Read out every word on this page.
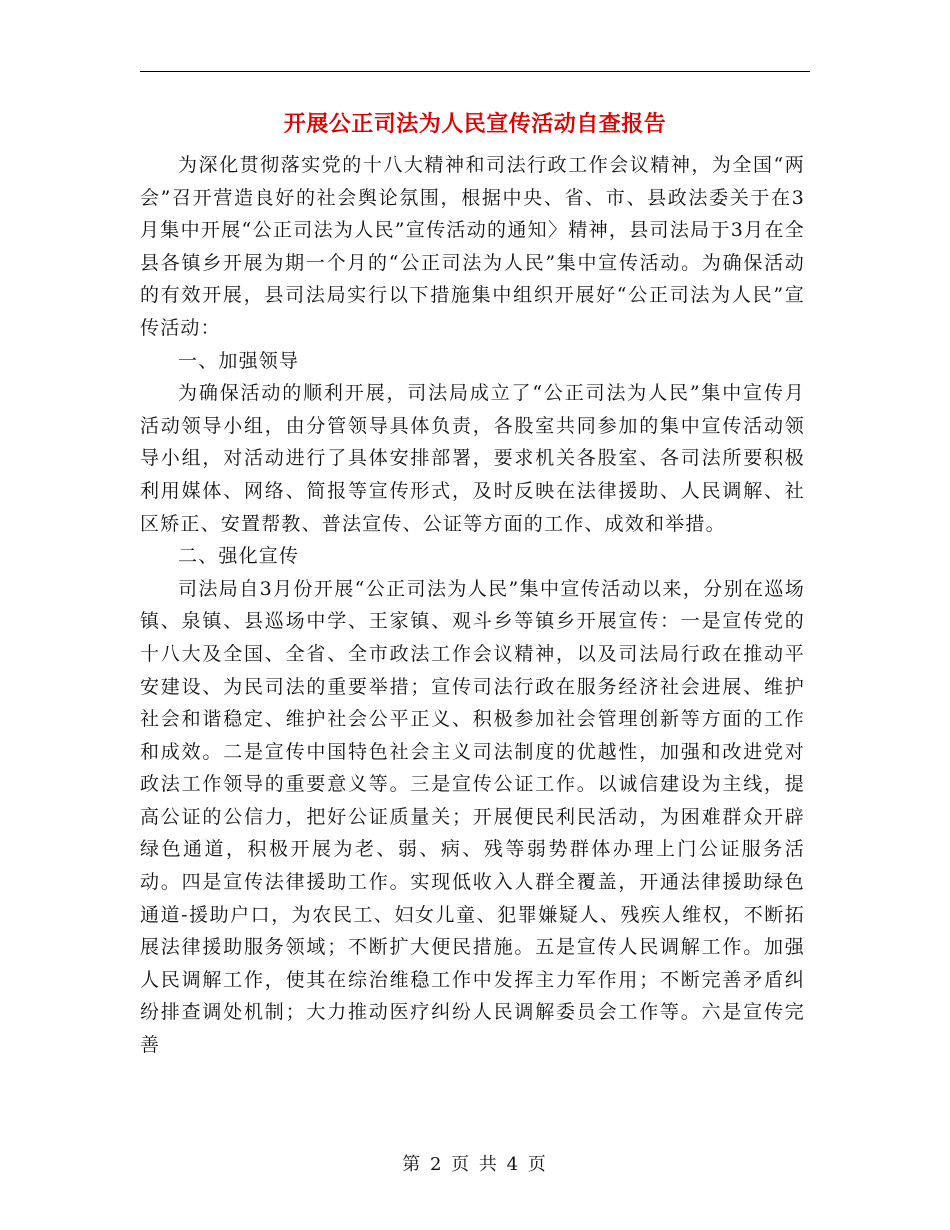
开展公正司法为人民宣传活动自查报告

为深化贯彻落实党的十八大精神和司法行政工作会议精神，为全国“两会”召开营造良好的社会舆论氛围，根据中央、省、市、县政法委关于在3月集中开展“公正司法为人民”宣传活动的通知〉精神，县司法局于3月在全县各镇乡开展为期一个月的“公正司法为人民”集中宣传活动。为确保活动的有效开展，县司法局实行以下措施集中组织开展好“公正司法为人民”宣传活动：

一、加强领导

为确保活动的顺利开展，司法局成立了“公正司法为人民”集中宣传月活动领导小组，由分管领导具体负责，各股室共同参加的集中宣传活动领导小组，对活动进行了具体安排部署，要求机关各股室、各司法所要积极利用媒体、网络、简报等宣传形式，及时反映在法律援助、人民调解、社区矫正、安置帮教、普法宣传、公证等方面的工作、成效和举措。

二、强化宣传

司法局自3月份开展“公正司法为人民”集中宣传活动以来，分别在巡场镇、泉镇、县巡场中学、王家镇、观斗乡等镇乡开展宣传：一是宣传党的十八大及全国、全省、全市政法工作会议精神，以及司法局行政在推动平安建设、为民司法的重要举措；宣传司法行政在服务经济社会进展、维护社会和谐稳定、维护社会公平正义、积极参加社会管理创新等方面的工作和成效。二是宣传中国特色社会主义司法制度的优越性，加强和改进党对政法工作领导的重要意义等。三是宣传公证工作。以诚信建设为主线，提高公证的公信力，把好公证质量关；开展便民利民活动，为困难群众开辟绿色通道，积极开展为老、弱、病、残等弱势群体办理上门公证服务活动。四是宣传法律援助工作。实现低收入人群全覆盖，开通法律援助绿色通道-援助户口，为农民工、妇女儿童、犯罪嫌疑人、残疾人维权，不断拓展法律援助服务领域；不断扩大便民措施。五是宣传人民调解工作。加强人民调解工作，使其在综治维稳工作中发挥主力军作用；不断完善矛盾纠纷排查调处机制；大力推动医疗纠纷人民调解委员会工作等。六是宣传完善

第 2 页 共 4 页
